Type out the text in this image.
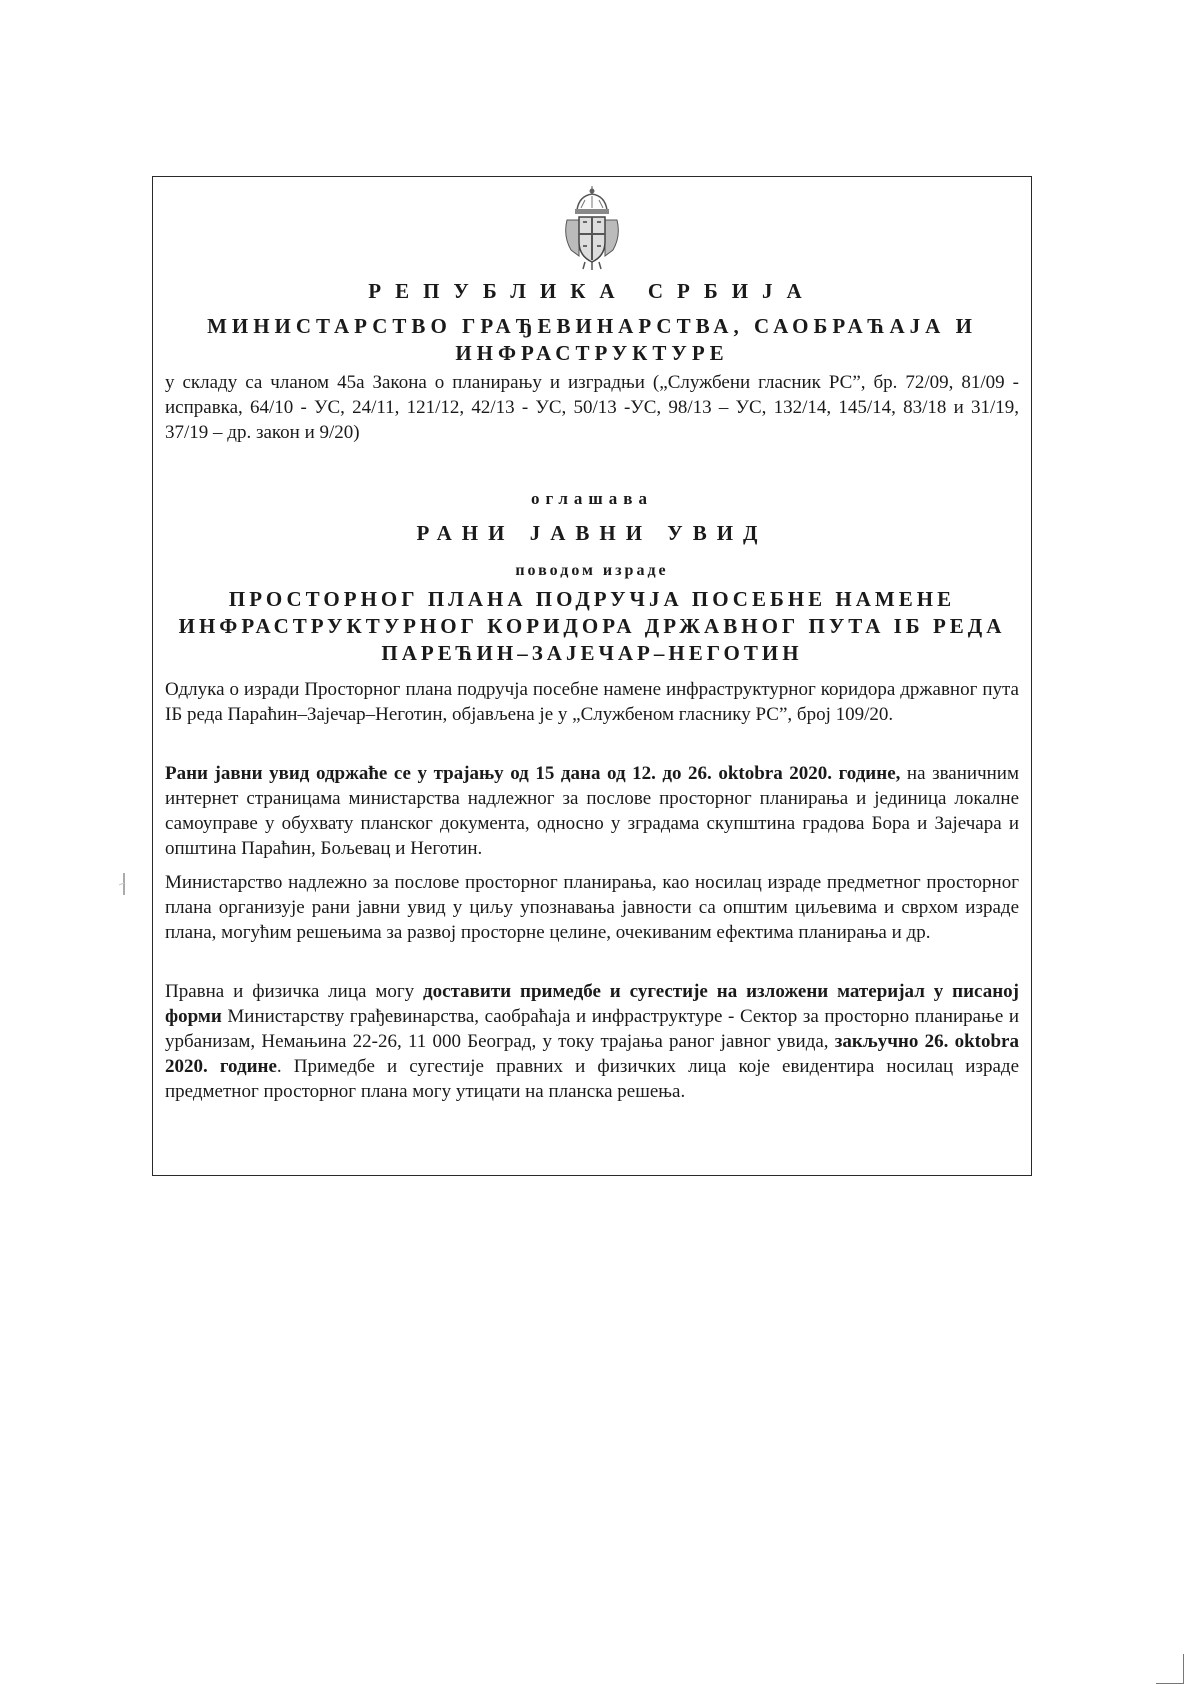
РЕПУБЛИКА СРБИЈА
МИНИСТАРСТВО ГРАЂЕВИНАРСТВА, САОБРАЋАЈА И ИНФРАСТРУКТУРЕ
у складу са чланом 45а Закона о планирању и изградњи („Службени гласник РС”, бр. 72/09, 81/09 - исправка, 64/10 - УС, 24/11, 121/12, 42/13 - УС, 50/13 -УС, 98/13 – УС, 132/14, 145/14, 83/18 и 31/19, 37/19 – др. закон и 9/20)
оглашава
РАНИ ЈАВНИ УВИД
поводом израде
ПРОСТОРНОГ ПЛАНА ПОДРУЧЈА ПОСЕБНЕ НАМЕНЕ ИНФРАСТРУКТУРНОГ КОРИДОРА ДРЖАВНОГ ПУТА IБ РЕДА ПАРЕЋИН–ЗАЈЕЧАР–НЕГОТИН
Одлука о изради Просторног плана подручја посебне намене инфраструктурног коридора државног пута IБ реда Параћин–Зајечар–Неготин, објављена је у „Службеном гласнику РС”, број 109/20.
Рани јавни увид одржаће се у трајању од 15 дана од 12. до 26. oktobra 2020. године, на званичним интернет страницама министарства надлежног за послове просторног планирања и јединица локалне самоуправе у обухвату планског документа, односно у зградама скупштина градова Бора и Зајечара и општина Параћин, Бољевац и Неготин.
Министарство надлежно за послове просторног планирања, као носилац израде предметног просторног плана организује рани јавни увид у циљу упознавања јавности са општим циљевима и сврхом израде плана, могућим решењима за развој просторне целине, очекиваним ефектима планирања и др.
Правна и физичка лица могу доставити примедбе и сугестије на изложени материјал у писаној форми Министарству грађевинарства, саобраћаја и инфраструктуре - Сектор за просторно планирање и урбанизам, Немањина 22-26, 11 000 Београд, у току трајања раног јавног увида, закључно 26. oktobra 2020. године. Примедбе и сугестије правних и физичких лица које евидентира носилац израде предметног просторног плана могу утицати на планска решења.
